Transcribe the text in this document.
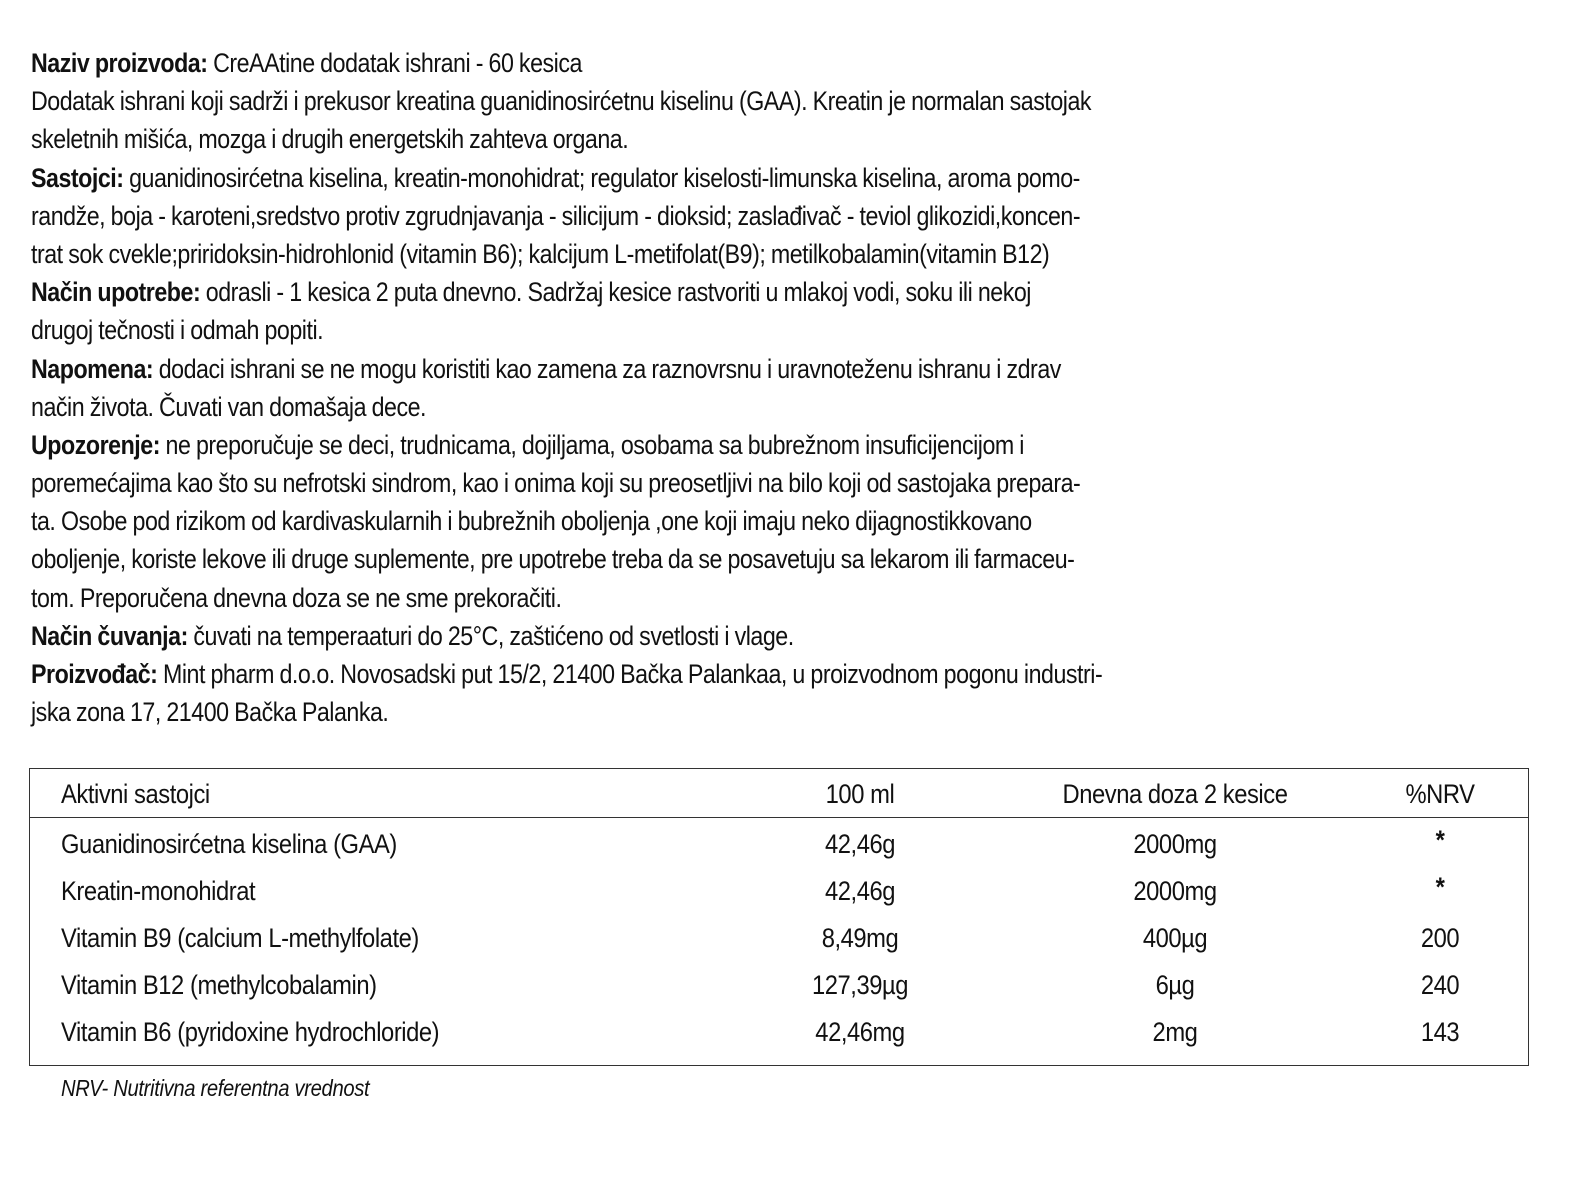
Naziv proizvoda: CreAAtine dodatak ishrani - 60 kesica
Dodatak ishrani koji sadrži i prekusor kreatina guanidinosirćetnu kiselinu (GAA). Kreatin je normalan sastojak
skeletnih mišića, mozga i drugih energetskih zahteva organa.
Sastojci: guanidinosirćetna kiselina, kreatin-monohidrat; regulator kiselosti-limunska kiselina, aroma pomo-
randže, boja - karoteni,sredstvo protiv zgrudnjavanja - silicijum - dioksid; zaslađivač - teviol glikozidi,koncen-
trat sok cvekle;priridoksin-hidrohlonid (vitamin B6); kalcijum L-metifolat(B9); metilkobalamin(vitamin B12)
Način upotrebe: odrasli - 1 kesica 2 puta dnevno. Sadržaj kesice rastvoriti u mlakoj vodi, soku ili nekoj
drugoj tečnosti i odmah popiti.
Napomena: dodaci ishrani se ne mogu koristiti kao zamena za raznovrsnu i uravnoteženu ishranu i zdrav
način života. Čuvati van domašaja dece.
Upozorenje: ne preporučuje se deci, trudnicama, dojiljama, osobama sa bubrežnom insuficijencijom i
poremećajima kao što su nefrotski sindrom, kao i onima koji su preosetljivi na bilo koji od sastojaka prepara-
ta. Osobe pod rizikom od kardivaskularnih i bubrežnih oboljenja ,one koji imaju neko dijagnostikkovano
oboljenje, koriste lekove ili druge suplemente, pre upotrebe treba da se posavetuju sa lekarom ili farmaceu-
tom. Preporučena dnevna doza se ne sme prekoračiti.
Način čuvanja: čuvati na temperaaturi do 25°C, zaštićeno od svetlosti i vlage.
Proizvođač: Mint pharm d.o.o. Novosadski put 15/2, 21400 Bačka Palankaa, u proizvodnom pogonu industri-
jska zona 17, 21400 Bačka Palanka.
Aktivni sastojci	100 ml	Dnevna doza 2 kesice	%NRV
Guanidinosirćetna kiselina (GAA)	42,46g	2000mg	*
Kreatin-monohidrat	42,46g	2000mg	*
Vitamin B9 (calcium L-methylfolate)	8,49mg	400µg	200
Vitamin B12 (methylcobalamin)	127,39µg	6µg	240
Vitamin B6 (pyridoxine hydrochloride)	42,46mg	2mg	143
NRV- Nutritivna referentna vrednost
